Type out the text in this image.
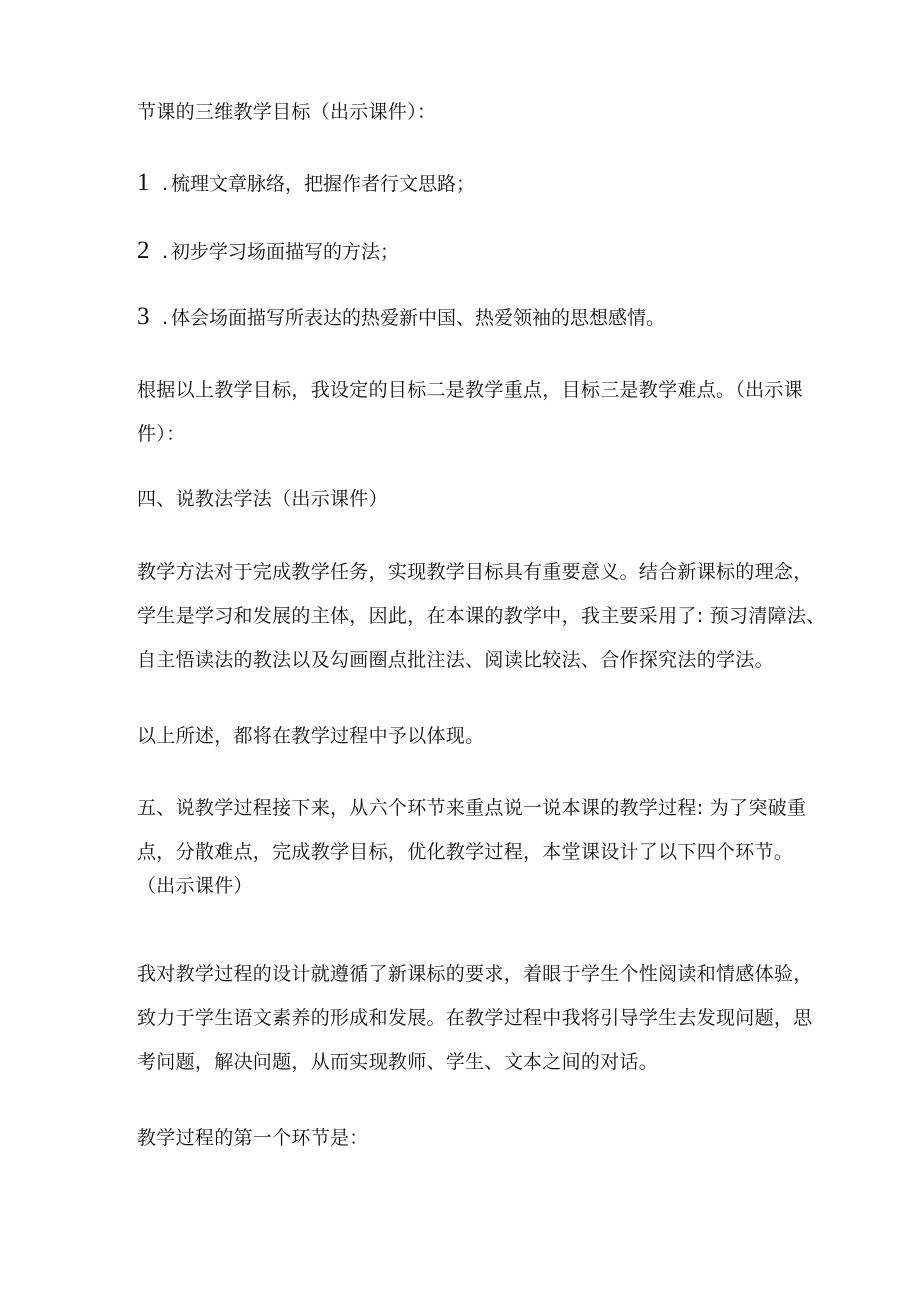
节课的三维教学目标（出示课件）：

1 . 梳理文章脉络，把握作者行文思路；

2 . 初步学习场面描写的方法；

3 . 体会场面描写所表达的热爱新中国、热爱领袖的思想感情。

根据以上教学目标，我设定的目标二是教学重点，目标三是教学难点。（出示课
件）：

四、说教法学法（出示课件）

教学方法对于完成教学任务，实现教学目标具有重要意义。结合新课标的理念，
学生是学习和发展的主体，因此，在本课的教学中，我主要采用了: 预习清障法、
自主悟读法的教法以及勾画圈点批注法、阅读比较法、合作探究法的学法。

以上所述，都将在教学过程中予以体现。

五、说教学过程接下来，从六个环节来重点说一说本课的教学过程: 为了突破重
点，分散难点，完成教学目标，优化教学过程，本堂课设计了以下四个环节。
（出示课件）
我对教学过程的设计就遵循了新课标的要求，着眼于学生个性阅读和情感体验，
致力于学生语文素养的形成和发展。在教学过程中我将引导学生去发现问题，思
考问题，解决问题，从而实现教师、学生、文本之间的对话。

教学过程的第一个环节是：
